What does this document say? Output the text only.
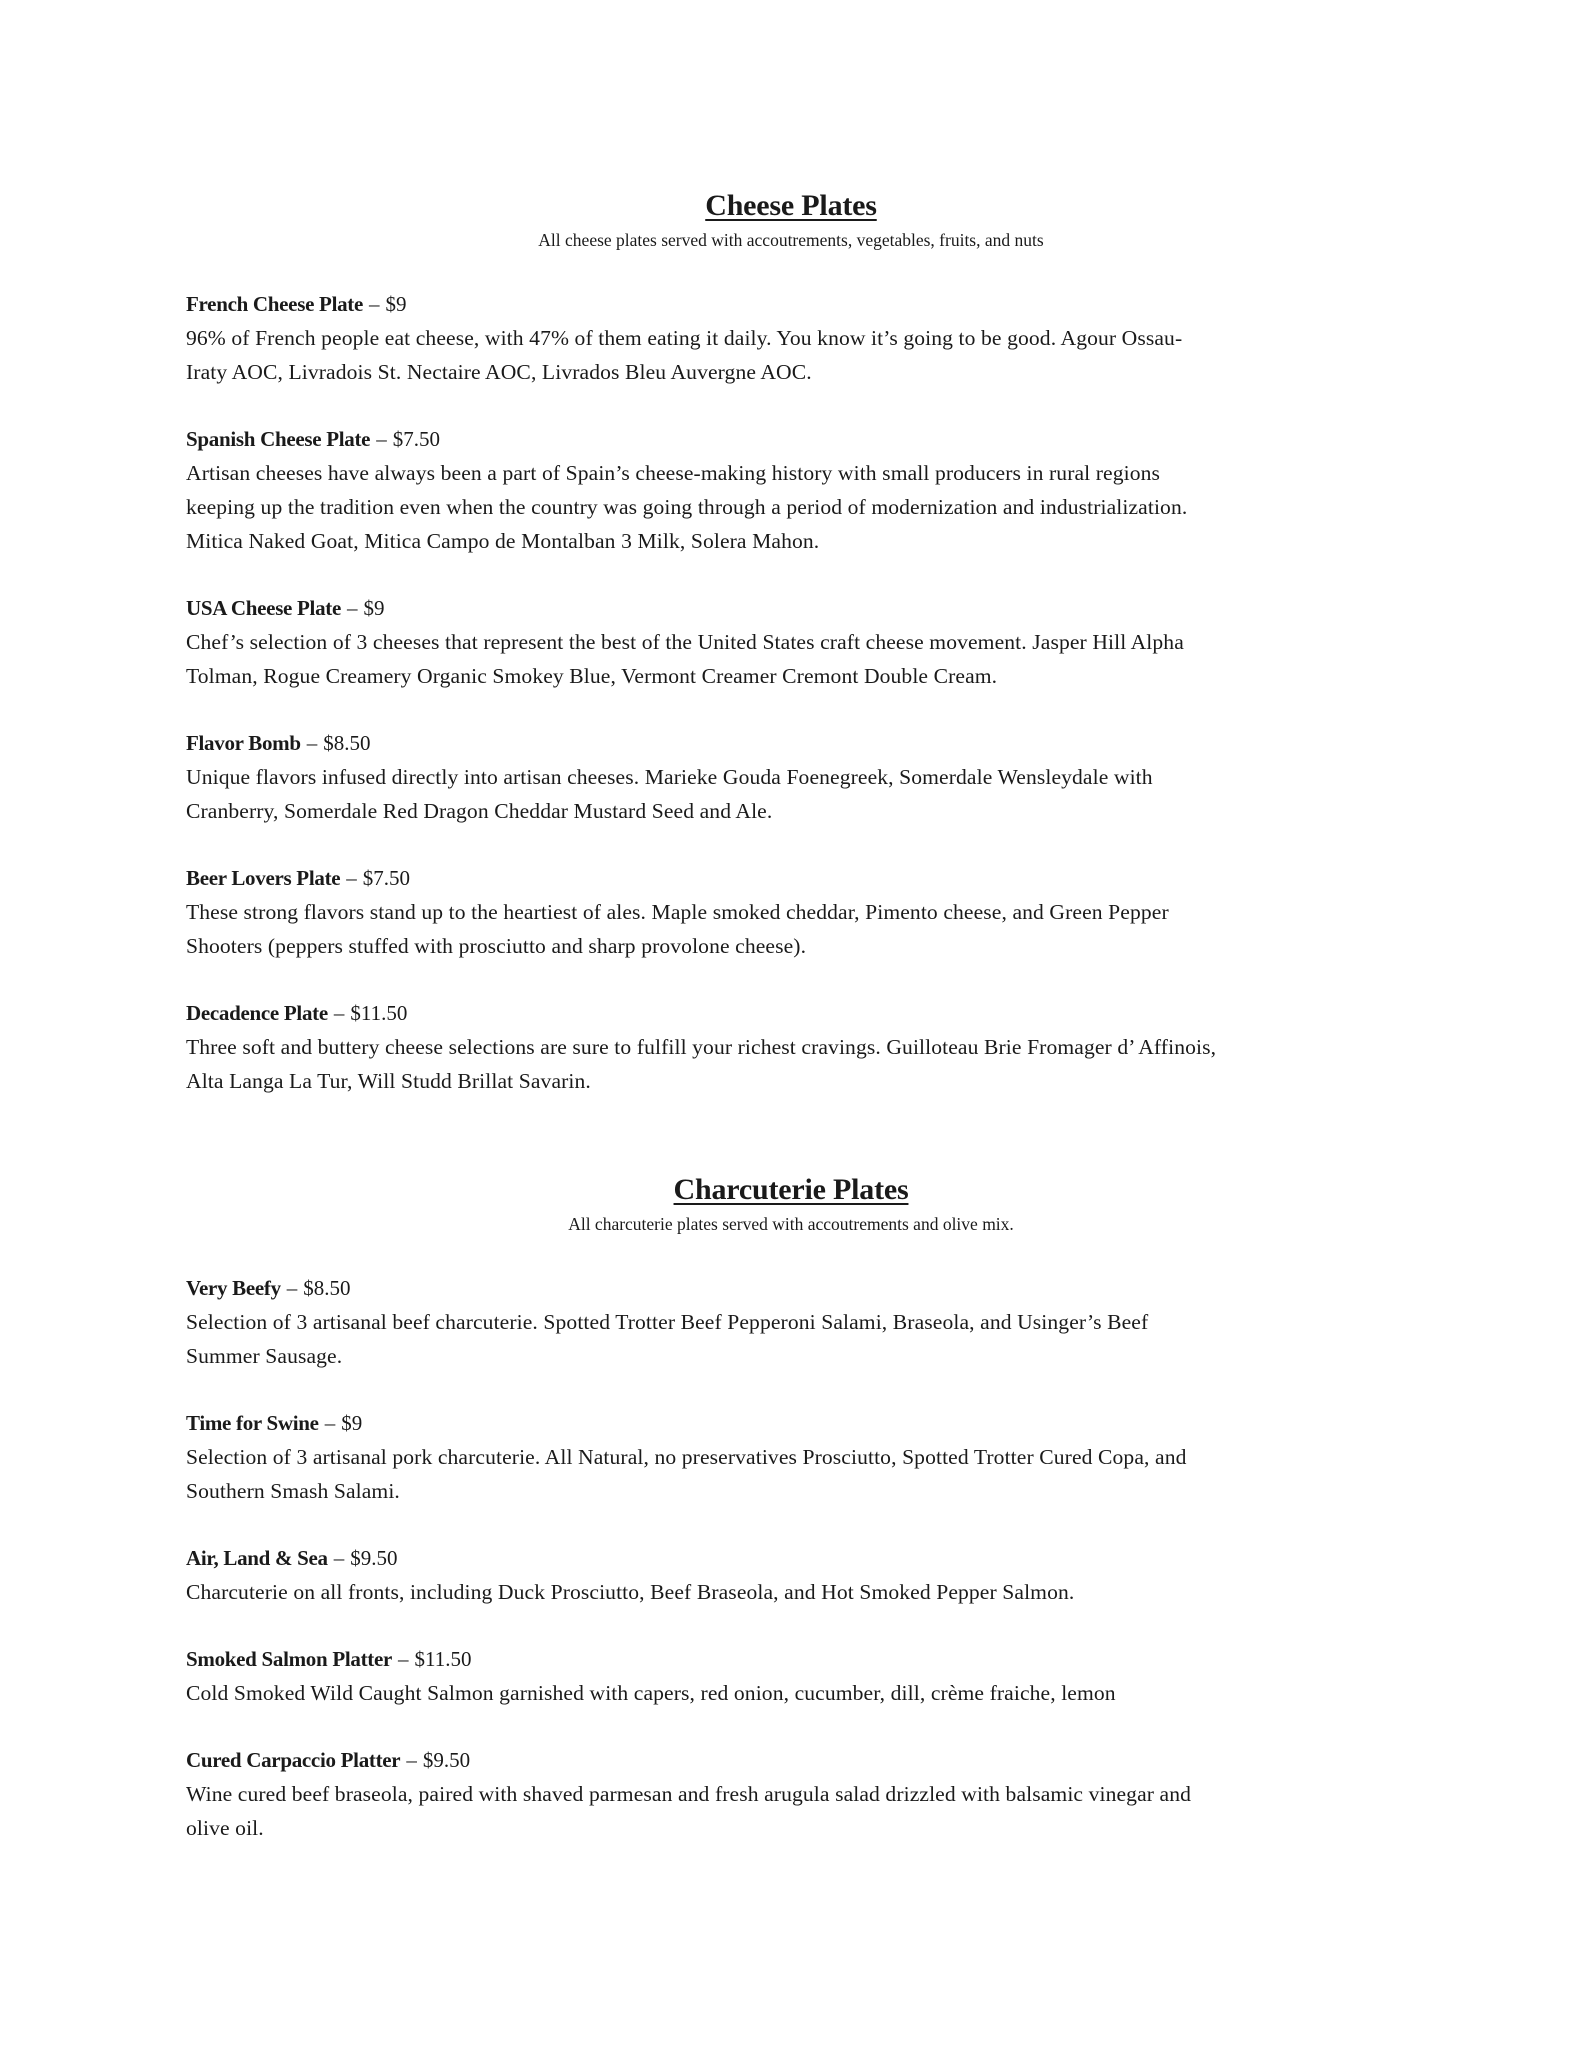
Cheese Plates

All cheese plates served with accoutrements, vegetables, fruits, and nuts

French Cheese Plate – $9
96% of French people eat cheese, with 47% of them eating it daily. You know it’s going to be good. Agour Ossau-
Iraty AOC, Livradois St. Nectaire AOC, Livrados Bleu Auvergne AOC.
Spanish Cheese Plate – $7.50
Artisan cheeses have always been a part of Spain’s cheese-making history with small producers in rural regions
keeping up the tradition even when the country was going through a period of modernization and industrialization.
Mitica Naked Goat, Mitica Campo de Montalban 3 Milk, Solera Mahon.
USA Cheese Plate – $9
Chef’s selection of 3 cheeses that represent the best of the United States craft cheese movement. Jasper Hill Alpha
Tolman, Rogue Creamery Organic Smokey Blue, Vermont Creamer Cremont Double Cream.
Flavor Bomb – $8.50
Unique flavors infused directly into artisan cheeses. Marieke Gouda Foenegreek, Somerdale Wensleydale with
Cranberry, Somerdale Red Dragon Cheddar Mustard Seed and Ale.
Beer Lovers Plate – $7.50
These strong flavors stand up to the heartiest of ales. Maple smoked cheddar, Pimento cheese, and Green Pepper
Shooters (peppers stuffed with prosciutto and sharp provolone cheese).
Decadence Plate – $11.50
Three soft and buttery cheese selections are sure to fulfill your richest cravings. Guilloteau Brie Fromager d’ Affinois,
Alta Langa La Tur, Will Studd Brillat Savarin.
Charcuterie Plates

All charcuterie plates served with accoutrements and olive mix.

Very Beefy – $8.50
Selection of 3 artisanal beef charcuterie. Spotted Trotter Beef Pepperoni Salami, Braseola, and Usinger’s Beef
Summer Sausage.
Time for Swine – $9
Selection of 3 artisanal pork charcuterie. All Natural, no preservatives Prosciutto, Spotted Trotter Cured Copa, and
Southern Smash Salami.
Air, Land & Sea – $9.50
Charcuterie on all fronts, including Duck Prosciutto, Beef Braseola, and Hot Smoked Pepper Salmon.
Smoked Salmon Platter – $11.50
Cold Smoked Wild Caught Salmon garnished with capers, red onion, cucumber, dill, crème fraiche, lemon
Cured Carpaccio Platter – $9.50
Wine cured beef braseola, paired with shaved parmesan and fresh arugula salad drizzled with balsamic vinegar and
olive oil.
